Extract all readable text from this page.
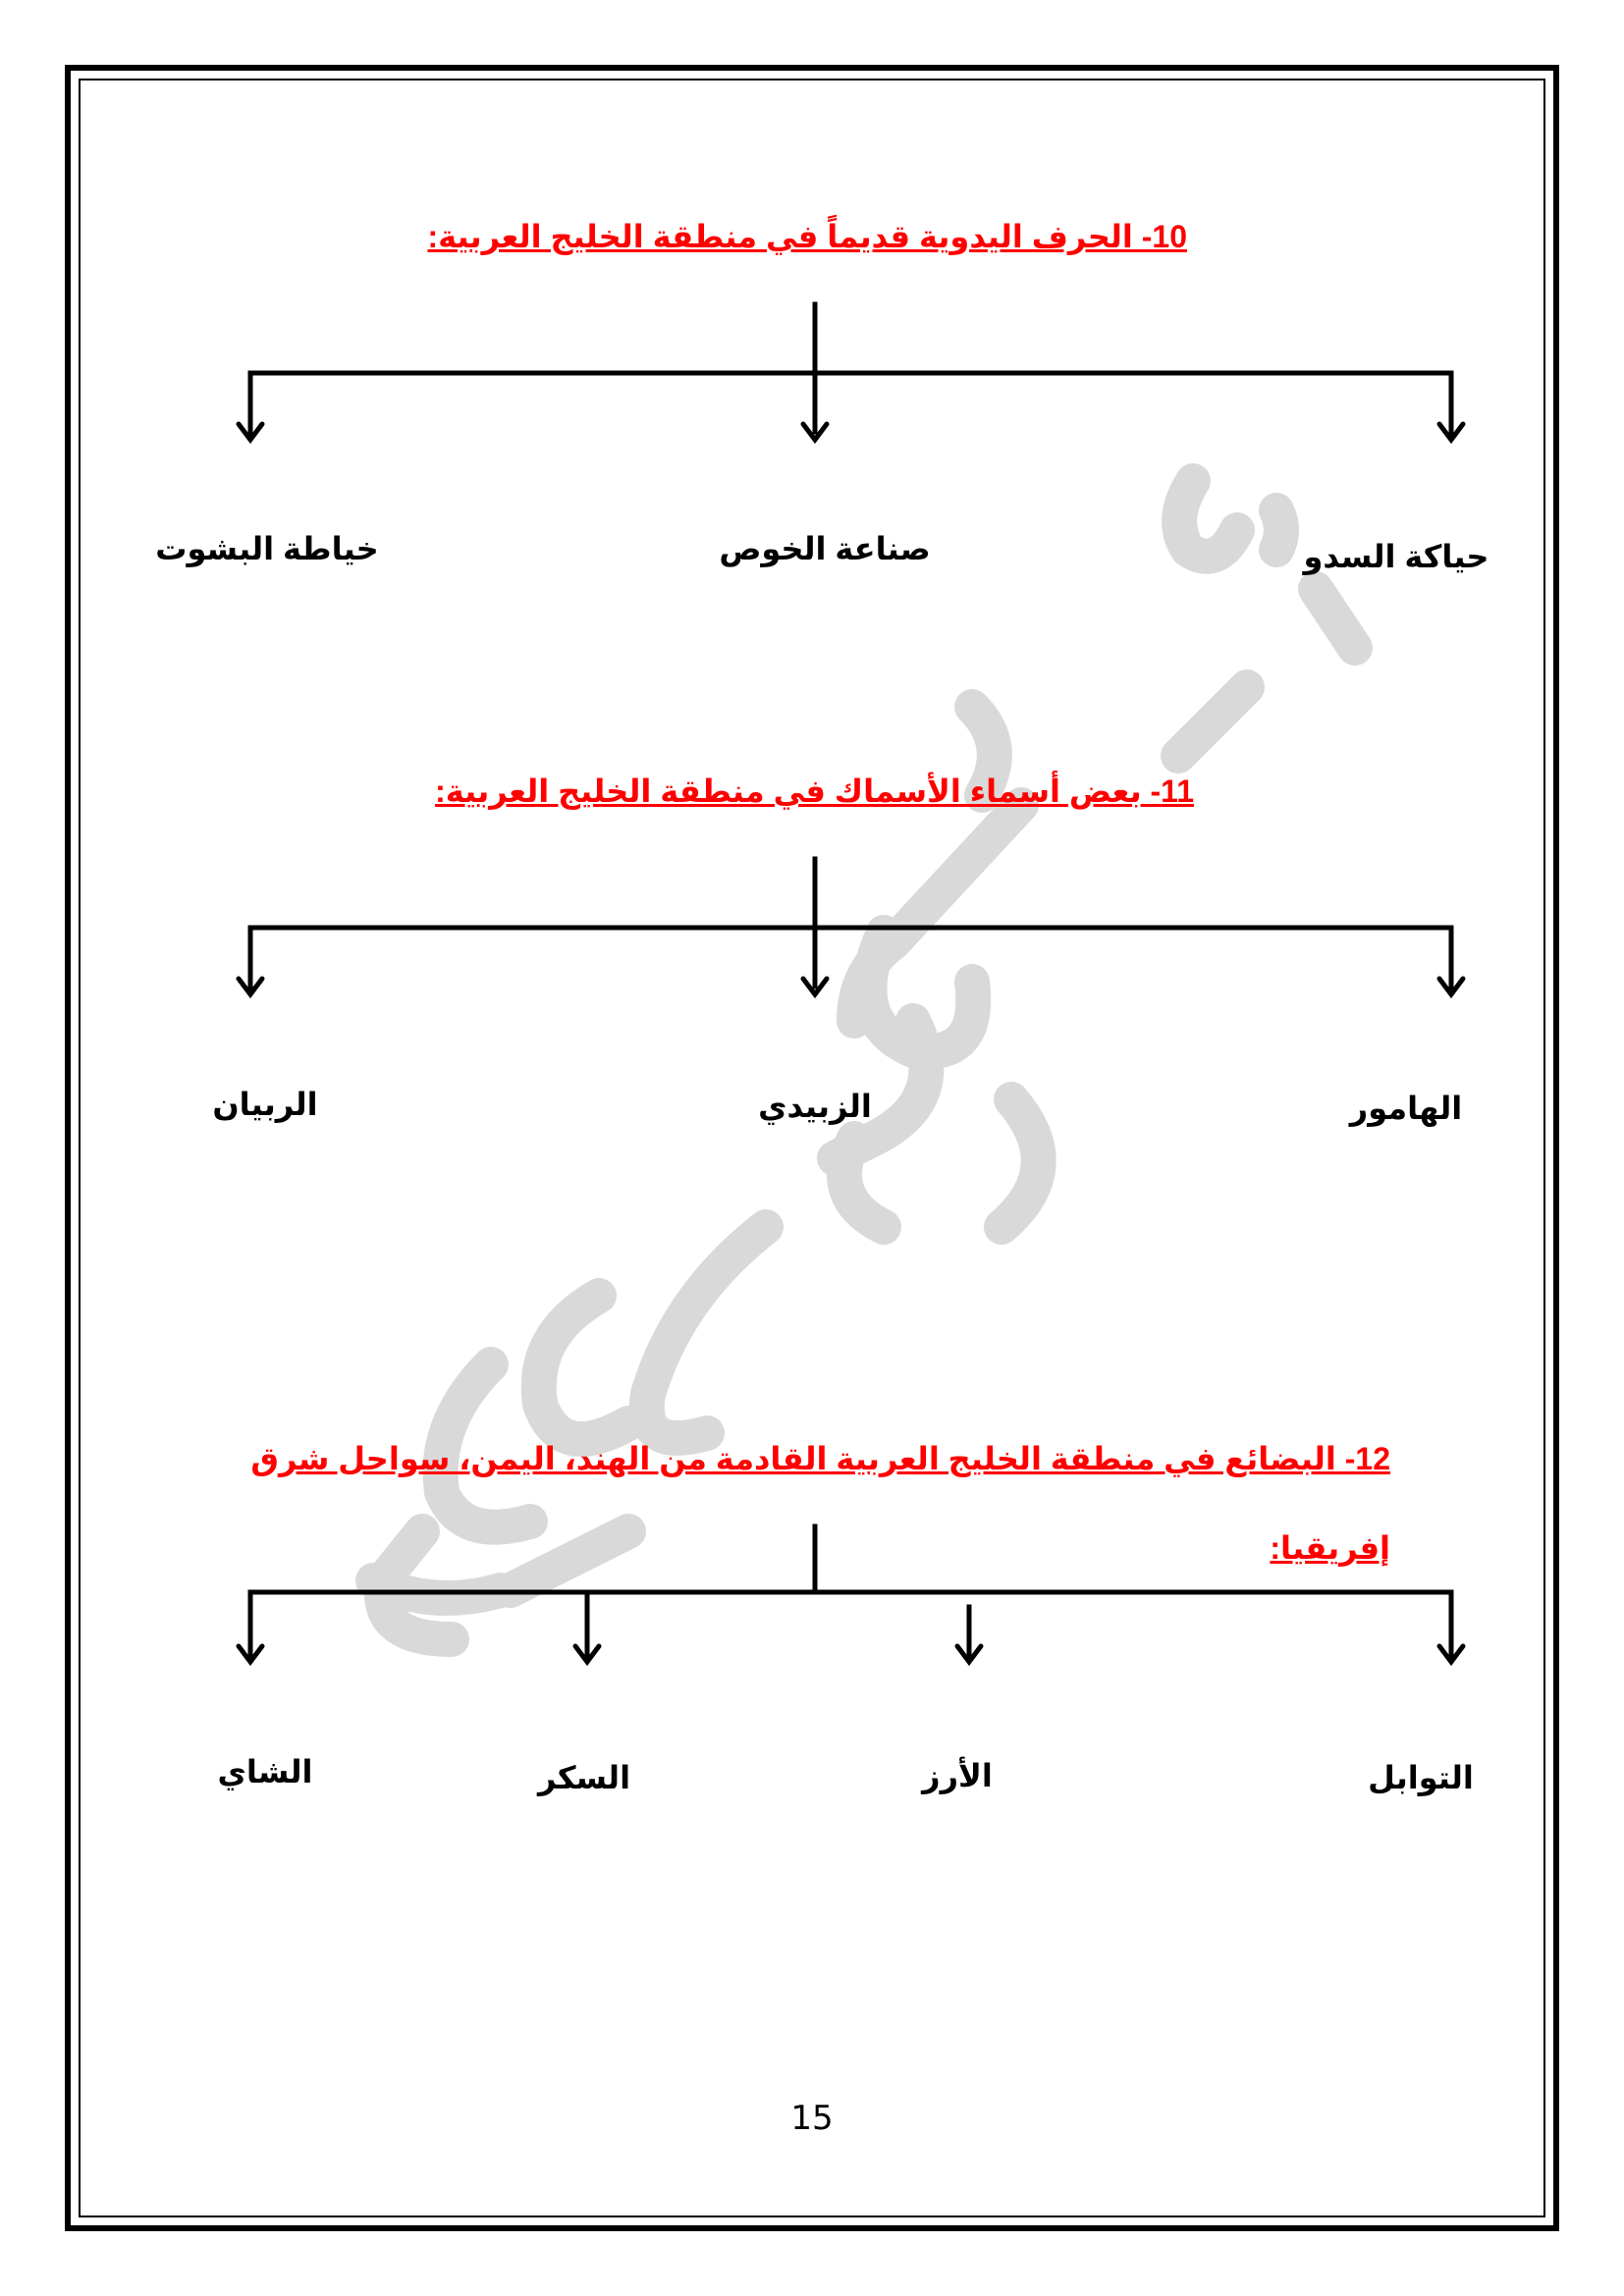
10- الحرف اليدوية قديماً في منطقة الخليج العربية:
حياكة السدو
صناعة الخوص
خياطة البشوت
11- بعض أسماء الأسماك في منطقة الخليج العربية:
الهامور
الزبيدي
الربيان
12- البضائع في منطقة الخليج العربية القادمة من الهند، اليمن، سواحل شرق
إفريقيا:
التوابل
الأرز
السكر
الشاي
15
